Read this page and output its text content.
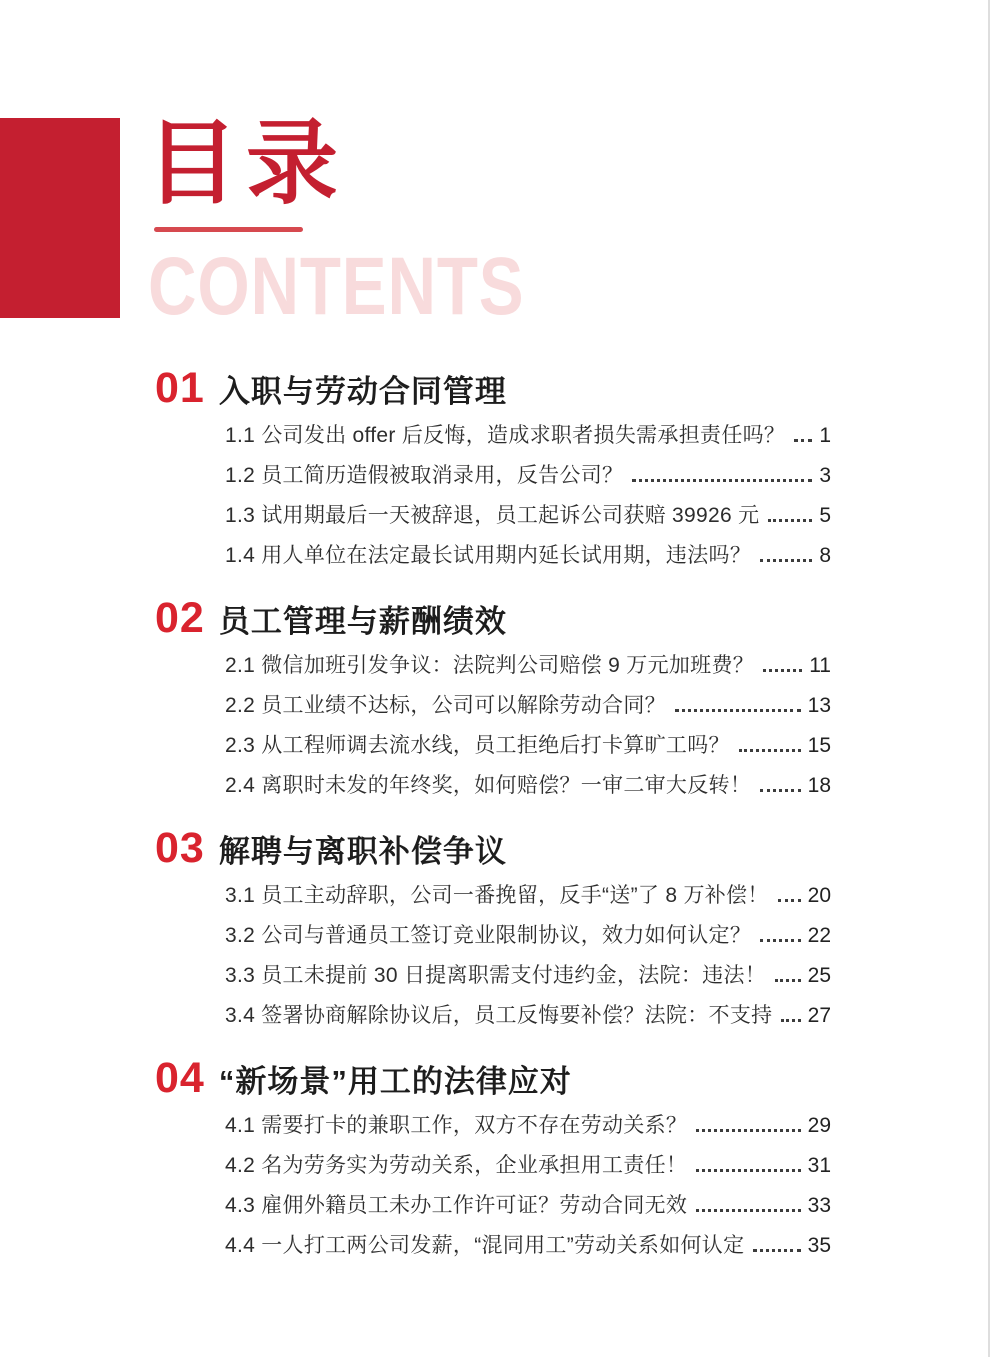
目录
CONTENTS
01 入职与劳动合同管理
1.1 公司发出 offer 后反悔，造成求职者损失需承担责任吗？ 1
1.2 员工简历造假被取消录用，反告公司？	3
1.3 试用期最后一天被辞退，员工起诉公司获赔 39926 元	5
1.4 用人单位在法定最长试用期内延长试用期，违法吗？	8
02 员工管理与薪酬绩效
2.1 微信加班引发争议：法院判公司赔偿 9 万元加班费？	11
2.2 员工业绩不达标，公司可以解除劳动合同？	13
2.3 从工程师调去流水线，员工拒绝后打卡算旷工吗？	15
2.4 离职时未发的年终奖，如何赔偿？一审二审大反转！	18
03 解聘与离职补偿争议
3.1 员工主动辞职，公司一番挽留，反手“送”了 8 万补偿！ 20
3.2 公司与普通员工签订竞业限制协议，效力如何认定？	22
3.3 员工未提前 30 日提离职需支付违约金，法院：违法！ 25
3.4 签署协商解除协议后，员工反悔要补偿？法院：不支持 27
04 “新场景”用工的法律应对
4.1 需要打卡的兼职工作，双方不存在劳动关系？	29
4.2 名为劳务实为劳动关系，企业承担用工责任！	31
4.3 雇佣外籍员工未办工作许可证？劳动合同无效	33
4.4 一人打工两公司发薪，“混同用工”劳动关系如何认定	35
